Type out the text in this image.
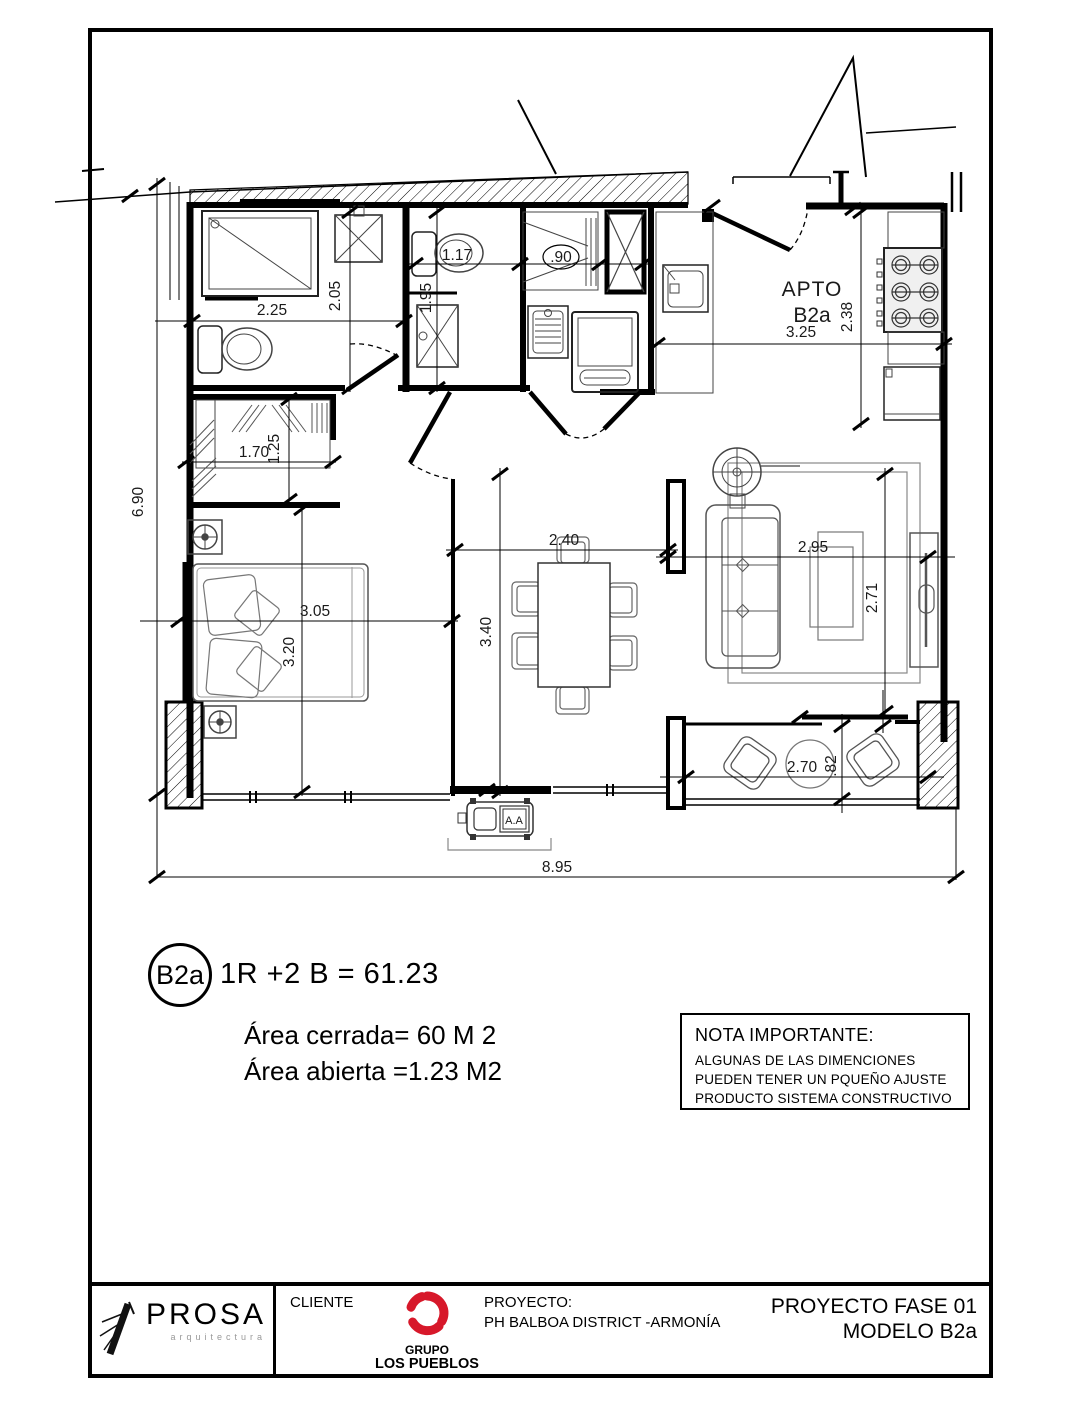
2.25	2.05	1.95
1.17	.90
3.25
2.38
6.90
1.70
1.25
2.40
3.40
2.95
2.71
3.05
3.20
2.70 .82
8.95
APTO
B2a
A.A
B2a 1R +2 B = 61.23
Área cerrada= 60 M 2
Área abierta =1.23 M2
NOTA IMPORTANTE:
ALGUNAS DE LAS DIMENCIONES
PUEDEN TENER UN PQUEÑO AJUSTE
PRODUCTO SISTEMA CONSTRUCTIVO
PROSA
arquitectura
CLIENTE
GRUPO
LOS PUEBLOS
PROYECTO:
PH BALBOA DISTRICT -ARMONÍA
PROYECTO FASE 01
MODELO B2a
